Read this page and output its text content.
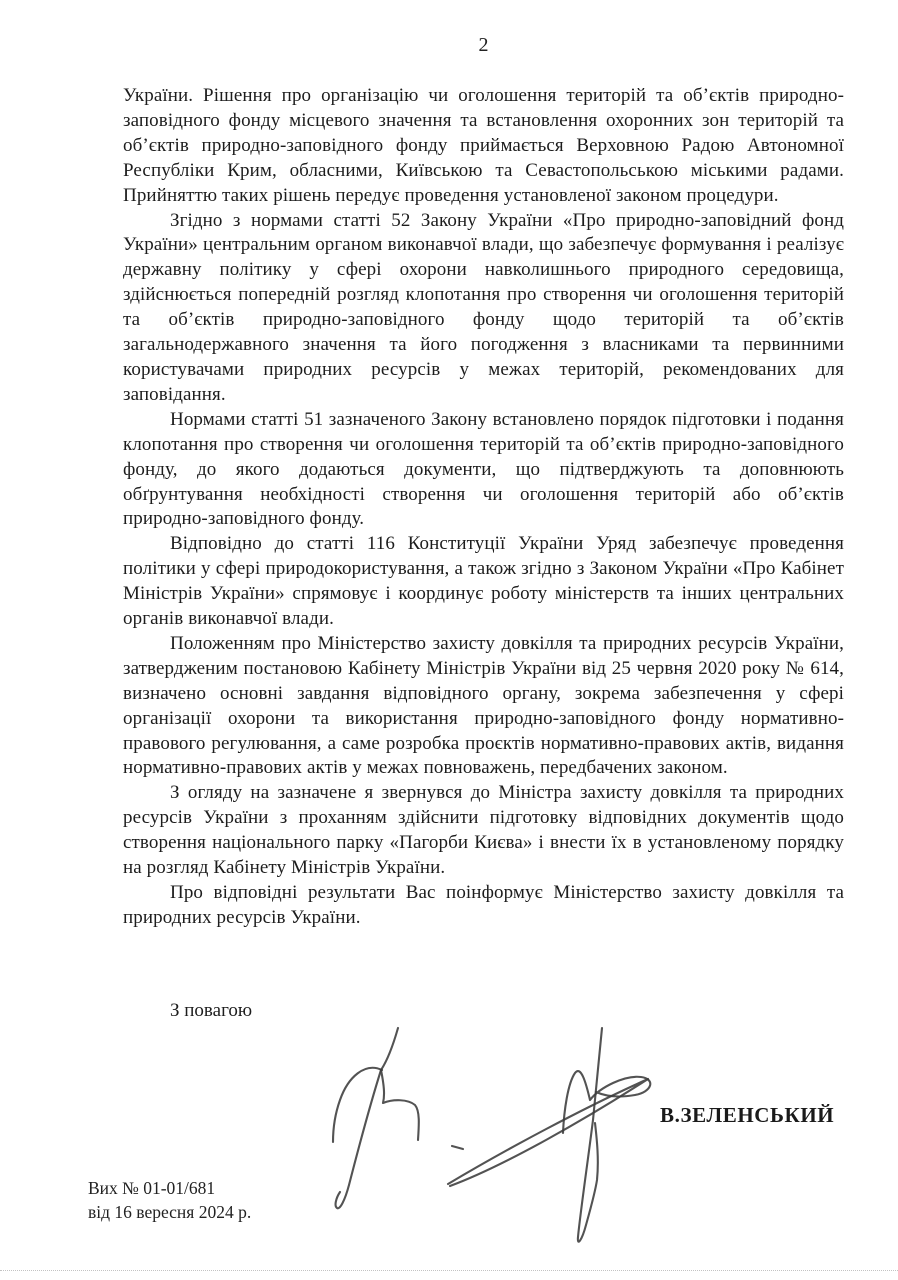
2

України. Рішення про організацію чи оголошення територій та об’єктів природно-заповідного фонду місцевого значення та встановлення охоронних зон територій та об’єктів природно-заповідного фонду приймається Верховною Радою Автономної Республіки Крим, обласними, Київською та Севастопольською міськими радами. Прийняттю таких рішень передує проведення установленої законом процедури.

Згідно з нормами статті 52 Закону України «Про природно-заповідний фонд України» центральним органом виконавчої влади, що забезпечує формування і реалізує державну політику у сфері охорони навколишнього природного середовища, здійснюється попередній розгляд клопотання про створення чи оголошення територій та об’єктів природно-заповідного фонду щодо територій та об’єктів загальнодержавного значення та його погодження з власниками та первинними користувачами природних ресурсів у межах територій, рекомендованих для заповідання.

Нормами статті 51 зазначеного Закону встановлено порядок підготовки і подання клопотання про створення чи оголошення територій та об’єктів природно-заповідного фонду, до якого додаються документи, що підтверджують та доповнюють обґрунтування необхідності створення чи оголошення територій або об’єктів природно-заповідного фонду.

Відповідно до статті 116 Конституції України Уряд забезпечує проведення політики у сфері природокористування, а також згідно з Законом України «Про Кабінет Міністрів України» спрямовує і координує роботу міністерств та інших центральних органів виконавчої влади.

Положенням про Міністерство захисту довкілля та природних ресурсів України, затвердженим постановою Кабінету Міністрів України від 25 червня 2020 року № 614, визначено основні завдання відповідного органу, зокрема забезпечення у сфері організації охорони та використання природно-заповідного фонду нормативно-правового регулювання, а саме розробка проєктів нормативно-правових актів, видання нормативно-правових актів у межах повноважень, передбачених законом.

З огляду на зазначене я звернувся до Міністра захисту довкілля та природних ресурсів України з проханням здійснити підготовку відповідних документів щодо створення національного парку «Пагорби Києва» і внести їх в установленому порядку на розгляд Кабінету Міністрів України.

Про відповідні результати Вас поінформує Міністерство захисту довкілля та природних ресурсів України.

З повагою
В.ЗЕЛЕНСЬКИЙ
Вих № 01-01/681
від 16 вересня 2024 р.
